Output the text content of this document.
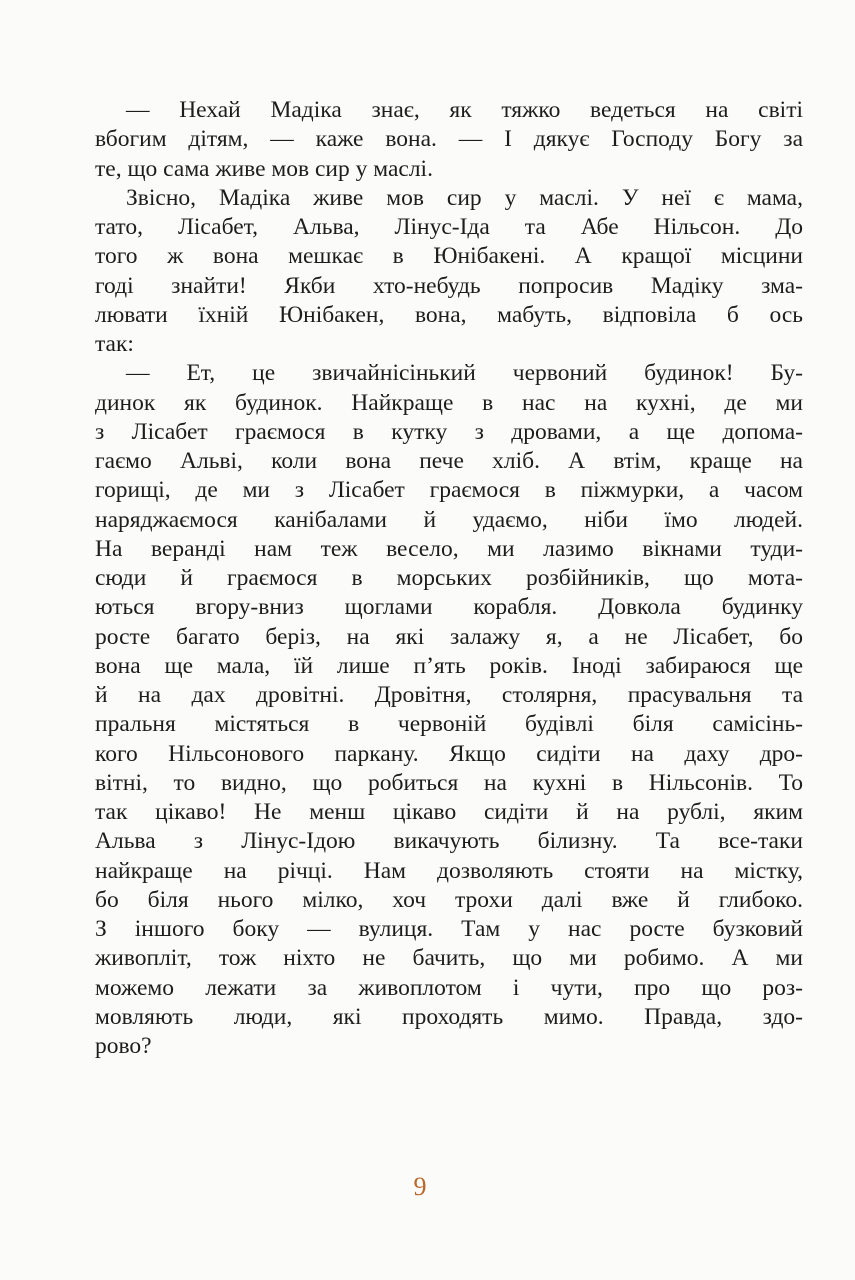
— Нехай Мадіка знає, як тяжко ведеться на світі
вбогим дітям, — каже вона. — І дякує Господу Богу за
те, що сама живе мов сир у маслі.
Звісно, Мадіка живе мов сир у маслі. У неї є мама,
тато, Лісабет, Альва, Лінус-Іда та Абе Нільсон. До
того ж вона мешкає в Юнібакені. А кращої місцини
годі знайти! Якби хто-небудь попросив Мадіку зма-
лювати їхній Юнібакен, вона, мабуть, відповіла б ось
так:
— Ет, це звичайнісінький червоний будинок! Бу-
динок як будинок. Найкраще в нас на кухні, де ми
з Лісабет граємося в кутку з дровами, а ще допома-
гаємо Альві, коли вона пече хліб. А втім, краще на
горищі, де ми з Лісабет граємося в піжмурки, а часом
наряджаємося канібалами й удаємо, ніби їмо людей.
На веранді нам теж весело, ми лазимо вікнами туди-
сюди й граємося в морських розбійників, що мота-
ються вгору-вниз щоглами корабля. Довкола будинку
росте багато беріз, на які залажу я, а не Лісабет, бо
вона ще мала, їй лише п’ять років. Іноді забираюся ще
й на дах дровітні. Дровітня, столярня, прасувальня та
пральня містяться в червоній будівлі біля самісінь-
кого Нільсонового паркану. Якщо сидіти на даху дро-
вітні, то видно, що робиться на кухні в Нільсонів. То
так цікаво! Не менш цікаво сидіти й на рублі, яким
Альва з Лінус-Ідою викачують білизну. Та все-таки
найкраще на річці. Нам дозволяють стояти на містку,
бо біля нього мілко, хоч трохи далі вже й глибоко.
З іншого боку — вулиця. Там у нас росте бузковий
живопліт, тож ніхто не бачить, що ми робимо. А ми
можемо лежати за живоплотом і чути, про що роз-
мовляють люди, які проходять мимо. Правда, здо-
рово?
9
